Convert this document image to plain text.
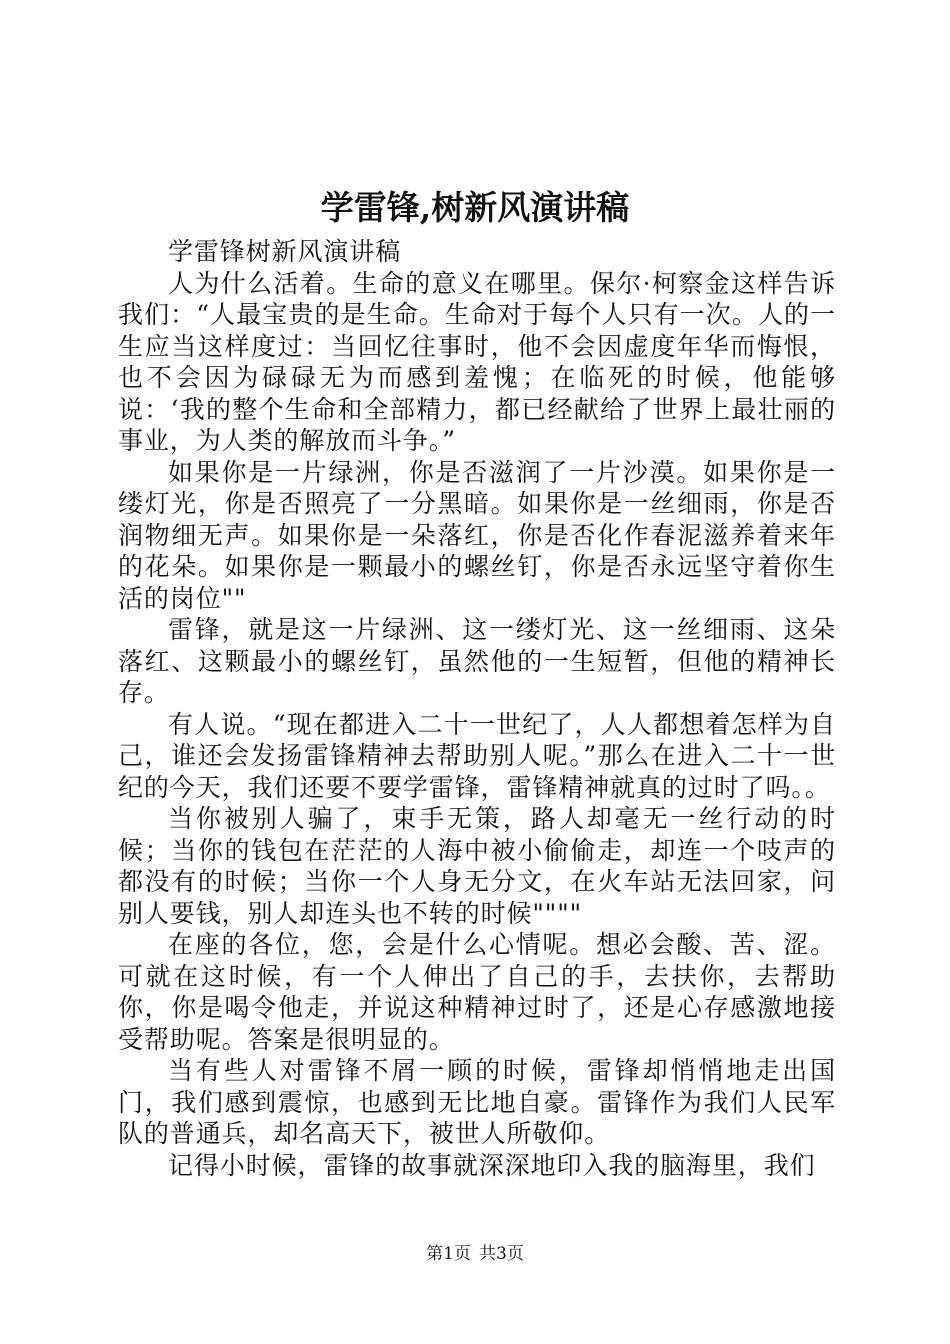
学雷锋,树新风演讲稿

学雷锋树新风演讲稿

人为什么活着。生命的意义在哪里。保尔·柯察金这样告诉我们：“人最宝贵的是生命。生命对于每个人只有一次。人的一生应当这样度过：当回忆往事时，他不会因虚度年华而悔恨，也不会因为碌碌无为而感到羞愧；在临死的时候，他能够说：‘我的整个生命和全部精力，都已经献给了世界上最壮丽的事业，为人类的解放而斗争。”

如果你是一片绿洲，你是否滋润了一片沙漠。如果你是一缕灯光，你是否照亮了一分黑暗。如果你是一丝细雨，你是否润物细无声。如果你是一朵落红，你是否化作春泥滋养着来年的花朵。如果你是一颗最小的螺丝钉，你是否永远坚守着你生活的岗位""

雷锋，就是这一片绿洲、这一缕灯光、这一丝细雨、这朵落红、这颗最小的螺丝钉，虽然他的一生短暂，但他的精神长存。

有人说。“现在都进入二十一世纪了，人人都想着怎样为自己，谁还会发扬雷锋精神去帮助别人呢。”那么在进入二十一世纪的今天，我们还要不要学雷锋，雷锋精神就真的过时了吗。。

当你被别人骗了，束手无策，路人却毫无一丝行动的时候；当你的钱包在茫茫的人海中被小偷偷走，却连一个吱声的都没有的时候；当你一个人身无分文，在火车站无法回家，问别人要钱，别人却连头也不转的时候""""

在座的各位，您，会是什么心情呢。想必会酸、苦、涩。可就在这时候，有一个人伸出了自己的手，去扶你，去帮助你，你是喝令他走，并说这种精神过时了，还是心存感激地接受帮助呢。答案是很明显的。

当有些人对雷锋不屑一顾的时候，雷锋却悄悄地走出国门，我们感到震惊，也感到无比地自豪。雷锋作为我们人民军队的普通兵，却名高天下，被世人所敬仰。

记得小时候，雷锋的故事就深深地印入我的脑海里，我们

第1页 共3页
